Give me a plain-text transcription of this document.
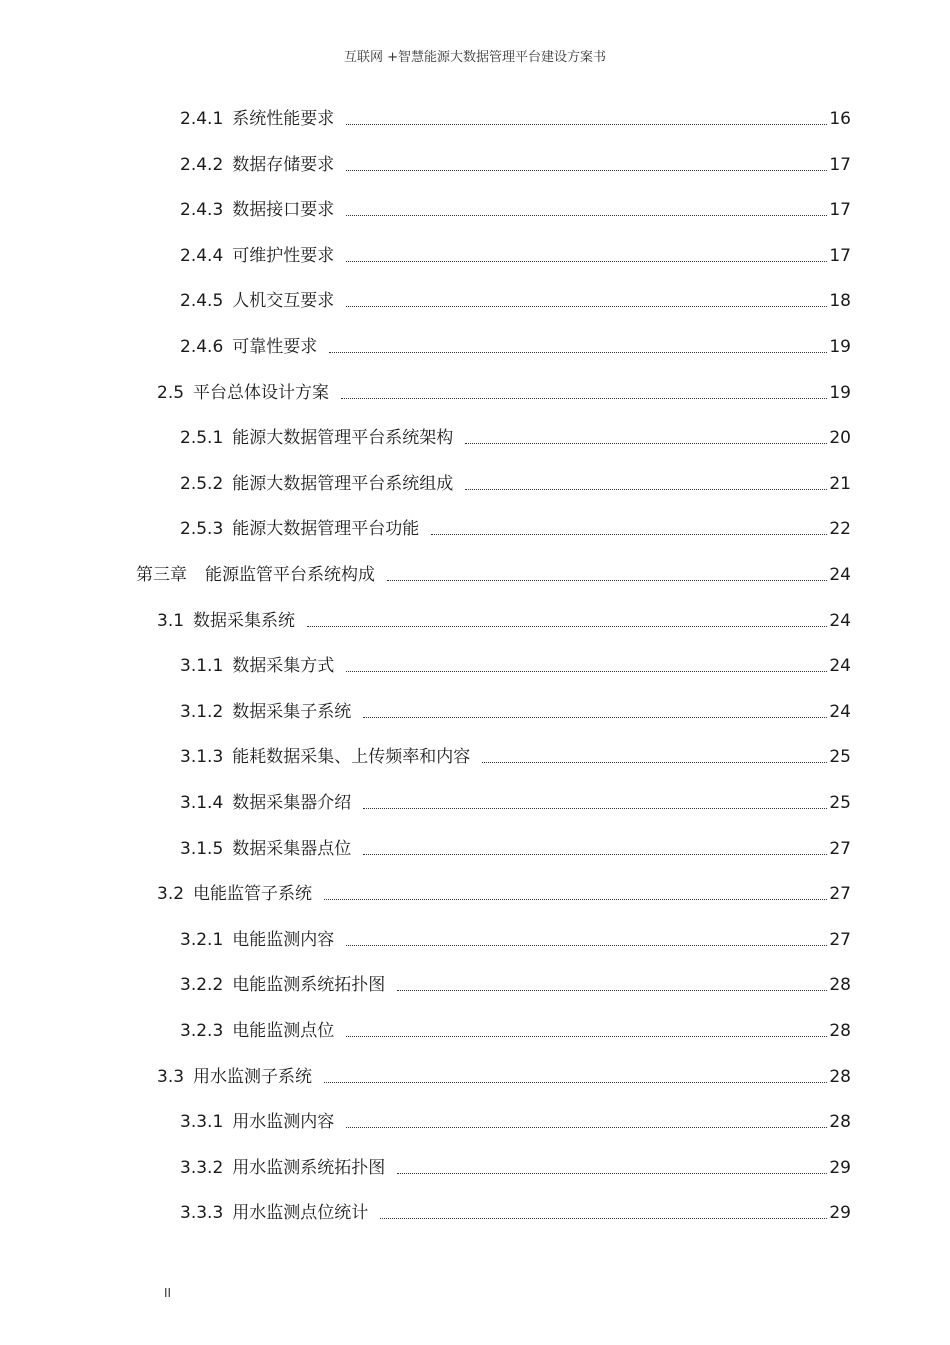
互联网 +智慧能源大数据管理平台建设方案书
2.4.1 系统性能要求	16
2.4.2 数据存储要求	17
2.4.3 数据接口要求	17
2.4.4 可维护性要求	17
2.4.5 人机交互要求	18
2.4.6 可靠性要求	19
2.5 平台总体设计方案	19
2.5.1 能源大数据管理平台系统架构	20
2.5.2 能源大数据管理平台系统组成	21
2.5.3 能源大数据管理平台功能	22
第三章 能源监管平台系统构成	24
3.1 数据采集系统	24
3.1.1 数据采集方式	24
3.1.2 数据采集子系统	24
3.1.3 能耗数据采集、上传频率和内容	25
3.1.4 数据采集器介绍	25
3.1.5 数据采集器点位	27
3.2 电能监管子系统	27
3.2.1 电能监测内容	27
3.2.2 电能监测系统拓扑图	28
3.2.3 电能监测点位	28
3.3 用水监测子系统	28
3.3.1 用水监测内容	28
3.3.2 用水监测系统拓扑图	29
3.3.3 用水监测点位统计	29
II
